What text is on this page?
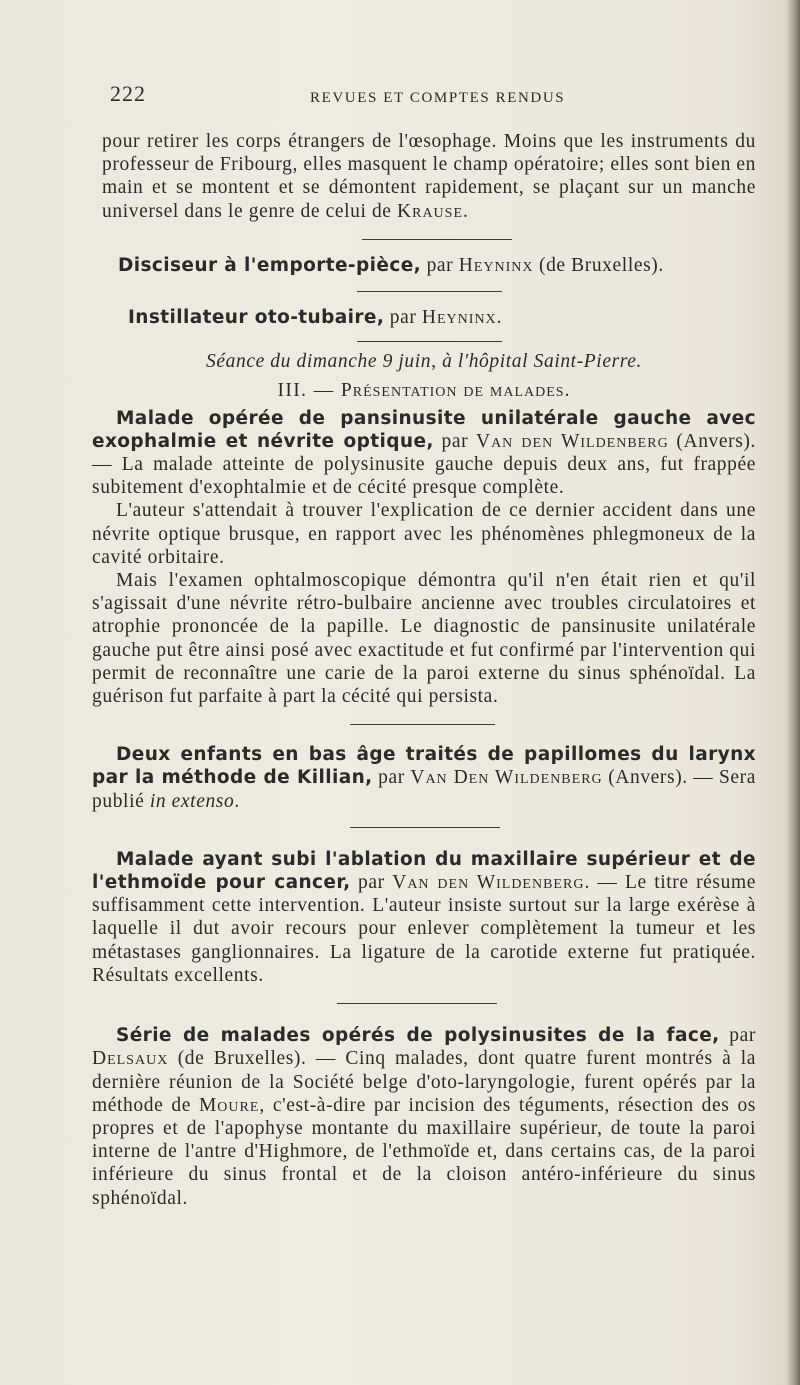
222	REVUES ET COMPTES RENDUS

pour retirer les corps étrangers de l'œsophage. Moins que les instruments du professeur de Fribourg, elles masquent le champ opératoire; elles sont bien en main et se montent et se démontent rapidement, se plaçant sur un manche universel dans le genre de celui de Krause.

Disciseur à l'emporte-pièce, par Heyninx (de Bruxelles).

Instillateur oto-tubaire, par Heyninx.

Séance du dimanche 9 juin, à l'hôpital Saint-Pierre.

III. — Présentation de malades.

Malade opérée de pansinusite unilatérale gauche avec exophalmie et névrite optique, par Van den Wildenberg (Anvers). — La malade atteinte de polysinusite gauche depuis deux ans, fut frappée subitement d'exophtalmie et de cécité presque complète.

L'auteur s'attendait à trouver l'explication de ce dernier accident dans une névrite optique brusque, en rapport avec les phénomènes phlegmoneux de la cavité orbitaire.

Mais l'examen ophtalmoscopique démontra qu'il n'en était rien et qu'il s'agissait d'une névrite rétro-bulbaire ancienne avec troubles circulatoires et atrophie prononcée de la papille. Le diagnostic de pansinusite unilatérale gauche put être ainsi posé avec exactitude et fut confirmé par l'intervention qui permit de reconnaître une carie de la paroi externe du sinus sphénoïdal. La guérison fut parfaite à part la cécité qui persista.

Deux enfants en bas âge traités de papillomes du larynx par la méthode de Killian, par Van Den Wildenberg (Anvers). — Sera publié in extenso.

Malade ayant subi l'ablation du maxillaire supérieur et de l'ethmoïde pour cancer, par Van den Wildenberg. — Le titre résume suffisamment cette intervention. L'auteur insiste surtout sur la large exérèse à laquelle il dut avoir recours pour enlever complètement la tumeur et les métastases ganglionnaires. La ligature de la carotide externe fut pratiquée. Résultats excellents.

Série de malades opérés de polysinusites de la face, par Delsaux (de Bruxelles). — Cinq malades, dont quatre furent montrés à la dernière réunion de la Société belge d'oto-laryngologie, furent opérés par la méthode de Moure, c'est-à-dire par incision des téguments, résection des os propres et de l'apophyse montante du maxillaire supérieur, de toute la paroi interne de l'antre d'Highmore, de l'ethmoïde et, dans certains cas, de la paroi inférieure du sinus frontal et de la cloison antéro-inférieure du sinus sphénoïdal.
